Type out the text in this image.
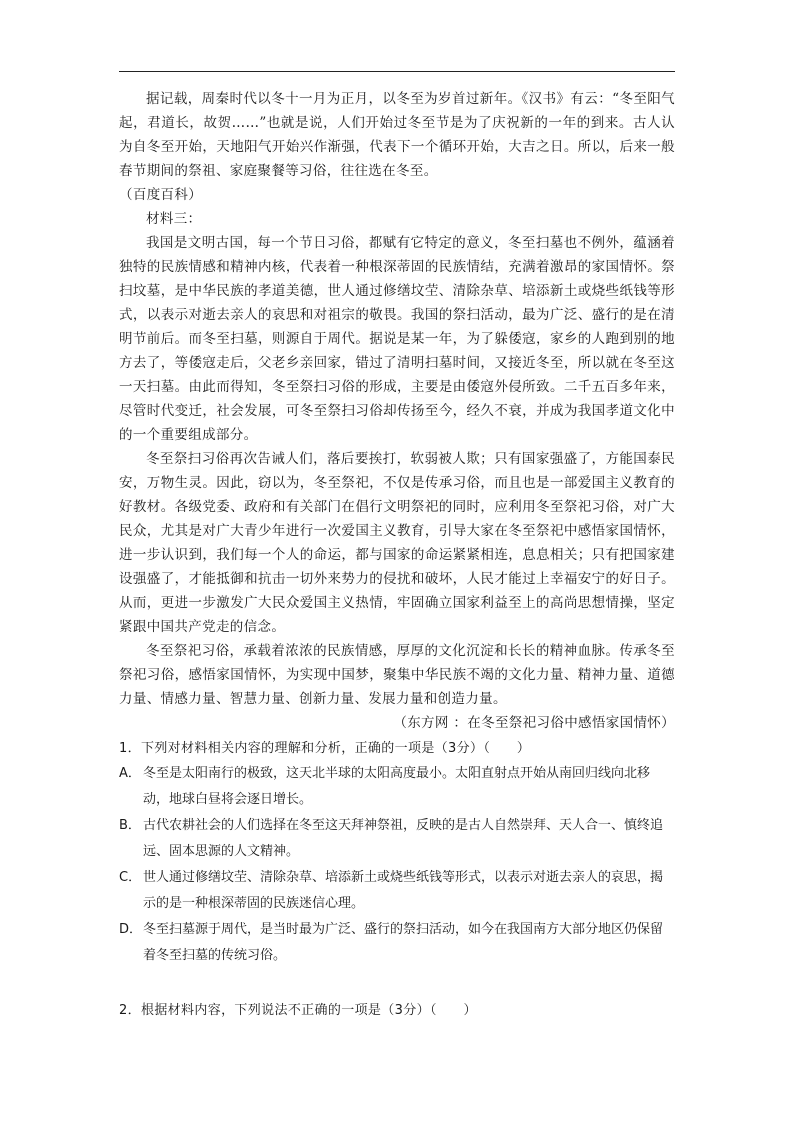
据记载，周秦时代以冬十一月为正月，以冬至为岁首过新年。《汉书》有云：“冬至阳气起，君道长，故贺……”也就是说，人们开始过冬至节是为了庆祝新的一年的到来。古人认为自冬至开始，天地阳气开始兴作渐强，代表下一个循环开始，大吉之日。所以，后来一般春节期间的祭祖、家庭聚餐等习俗，往往选在冬至。

（百度百科）

材料三：

我国是文明古国，每一个节日习俗，都赋有它特定的意义，冬至扫墓也不例外，蕴涵着独特的民族情感和精神内核，代表着一种根深蒂固的民族情结，充满着激昂的家国情怀。祭扫坟墓，是中华民族的孝道美德，世人通过修缮坟茔、清除杂草、培添新土或烧些纸钱等形式，以表示对逝去亲人的哀思和对祖宗的敬畏。我国的祭扫活动，最为广泛、盛行的是在清明节前后。而冬至扫墓，则源自于周代。据说是某一年，为了躲倭寇，家乡的人跑到别的地方去了，等倭寇走后，父老乡亲回家，错过了清明扫墓时间，又接近冬至，所以就在冬至这一天扫墓。由此而得知，冬至祭扫习俗的形成，主要是由倭寇外侵所致。二千五百多年来，尽管时代变迁，社会发展，可冬至祭扫习俗却传扬至今，经久不衰，并成为我国孝道文化中的一个重要组成部分。

冬至祭扫习俗再次告诫人们，落后要挨打，软弱被人欺；只有国家强盛了，方能国泰民安，万物生灵。因此，窃以为，冬至祭祀，不仅是传承习俗，而且也是一部爱国主义教育的好教材。各级党委、政府和有关部门在倡行文明祭祀的同时，应利用冬至祭祀习俗，对广大民众，尤其是对广大青少年进行一次爱国主义教育，引导大家在冬至祭祀中感悟家国情怀，进一步认识到，我们每一个人的命运，都与国家的命运紧紧相连，息息相关；只有把国家建设强盛了，才能抵御和抗击一切外来势力的侵扰和破坏，人民才能过上幸福安宁的好日子。从而，更进一步激发广大民众爱国主义热情，牢固确立国家利益至上的高尚思想情操，坚定紧跟中国共产党走的信念。

冬至祭祀习俗，承载着浓浓的民族情感，厚厚的文化沉淀和长长的精神血脉。传承冬至祭祀习俗，感悟家国情怀，为实现中国梦，聚集中华民族不竭的文化力量、精神力量、道德力量、情感力量、智慧力量、创新力量、发展力量和创造力量。

（东方网 ：在冬至祭祀习俗中感悟家国情怀）

1．下列对材料相关内容的理解和分析，正确的一项是（3分）（　　）

A． 冬至是太阳南行的极致，这天北半球的太阳高度最小。太阳直射点开始从南回归线向北移动，地球白昼将会逐日增长。
B． 古代农耕社会的人们选择在冬至这天拜神祭祖，反映的是古人自然崇拜、天人合一、慎终追远、固本思源的人文精神。
C． 世人通过修缮坟茔、清除杂草、培添新土或烧些纸钱等形式，以表示对逝去亲人的哀思，揭示的是一种根深蒂固的民族迷信心理。
D．冬至扫墓源于周代，是当时最为广泛、盛行的祭扫活动，如今在我国南方大部分地区仍保留着冬至扫墓的传统习俗。

2．根据材料内容，下列说法不正确的一项是（3分）（　　）
